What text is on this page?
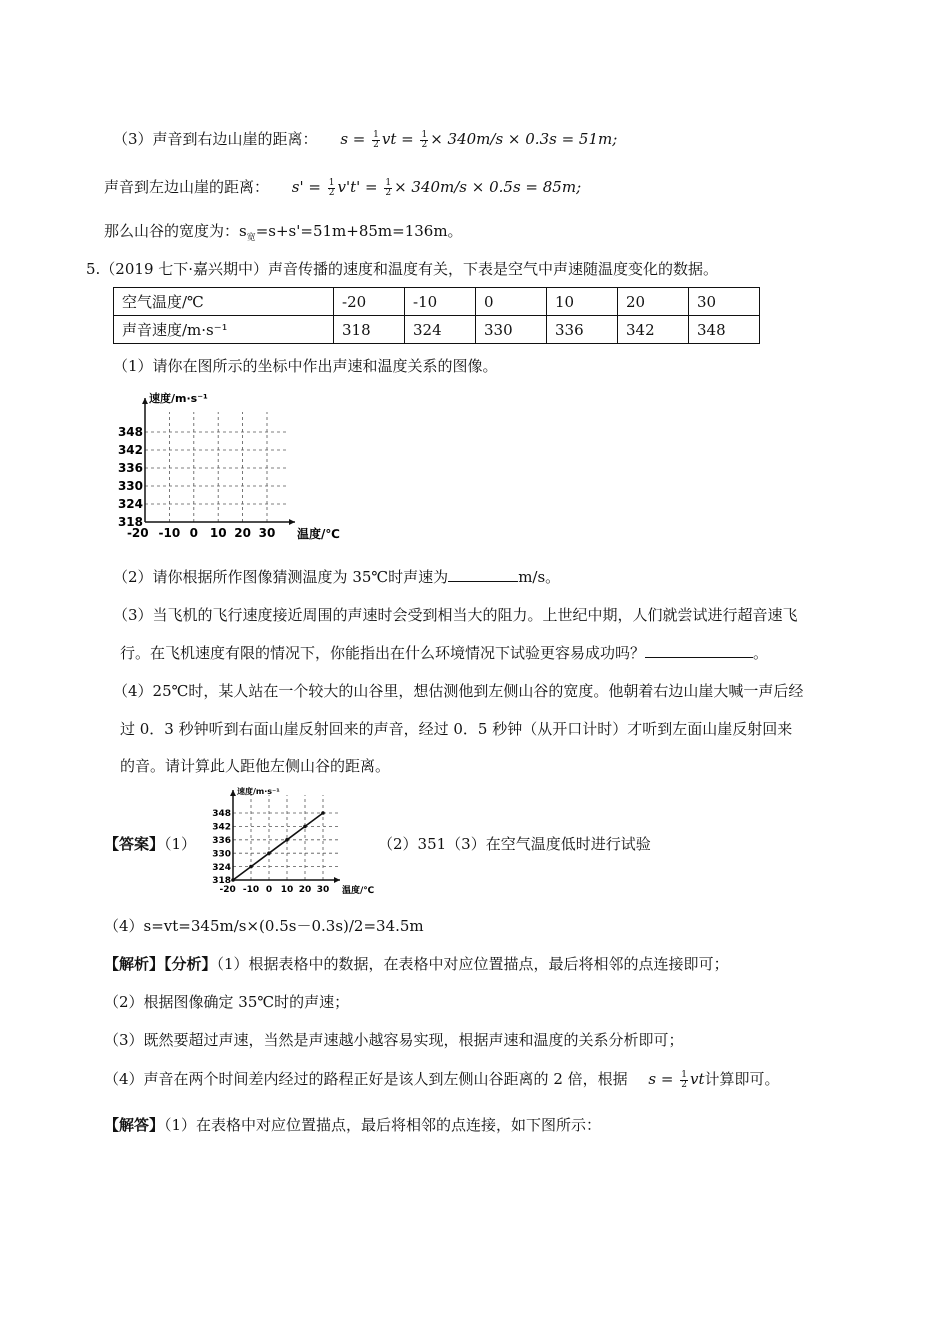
（3）声音到右边山崖的距离： $s = \frac{1}{2}$ vt = $\frac{1}{2} \times 340m/s \times 0.3s = 51m$;
声音到左边山崖的距离： $s' = \frac{1}{2} v't' = \frac{1}{2} \times 340m/s \times 0.5s = 85m$;
那么山谷的宽度为：$s_宽=s+s'=51m+85m=136m$。
5.（2019 七下·嘉兴期中）声音传播的速度和温度有关，下表是空气中声速随温度变化的数据。
空气温度/℃	-20	-10	0	10	20	30
声音速度/m·s⁻¹	318	324	330	336	342	348
（1）请你在图所示的坐标中作出声速和温度关系的图像。
318
324
330
336
342
348
-20 -10 0 10 20 30
速度/m·s⁻¹
温度/℃
（2）请你根据所作图像猜测温度为 35℃时声速为	m/s。
（3）当飞机的飞行速度接近周围的声速时会受到相当大的阻力。上世纪中期，人们就尝试进行超音速飞
行。在飞机速度有限的情况下，你能指出在什么环境情况下试验更容易成功吗？	。
（4）25℃时，某人站在一个较大的山谷里，想估测他到左侧山谷的宽度。他朝着右边山崖大喊一声后经
过 0．3 秒钟听到右面山崖反射回来的声音，经过 0．5 秒钟（从开口计时）才听到左面山崖反射回来
的音。请计算此人距他左侧山谷的距离。
【答案】（1）
318
324
330
336
342
348
-20 -10 0 10 20 30
速度/m·s⁻¹
温度/℃
（2）351（3）在空气温度低时进行试验
（4）s=vt=345m/s×(0.5s－0.3s)/2=34.5m
【解析】【分析】（1）根据表格中的数据，在表格中对应位置描点，最后将相邻的点连接即可；
（2）根据图像确定 35℃时的声速；
（3）既然要超过声速，当然是声速越小越容易实现，根据声速和温度的关系分析即可；
（4）声音在两个时间差内经过的路程正好是该人到左侧山谷距离的 2 倍，根据 $s = \frac{1}{2}$ vt计算即可。
【解答】（1）在表格中对应位置描点，最后将相邻的点连接，如下图所示：
